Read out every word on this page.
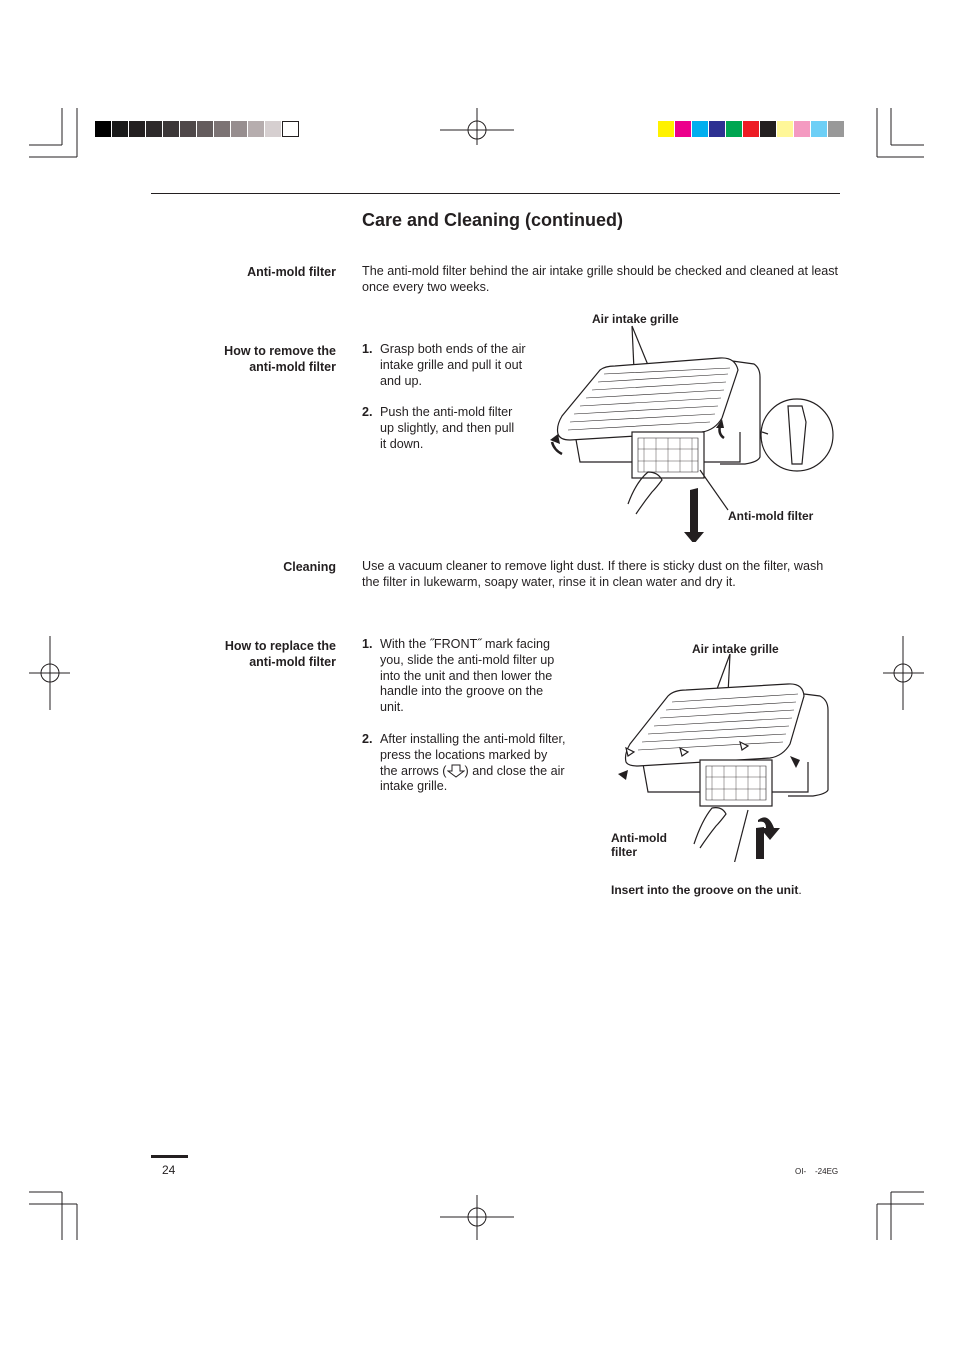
Care and Cleaning (continued)
Anti-mold filter The anti-mold filter behind the air intake grille should be checked and cleaned at least once every two weeks.
How to remove the anti-mold filter
1. Grasp both ends of the air intake grille and pull it out and up.
2. Push the anti-mold filter up slightly, and then pull it down.
Air intake grille
Anti-mold filter
Cleaning Use a vacuum cleaner to remove light dust. If there is sticky dust on the filter, wash the filter in lukewarm, soapy water, rinse it in clean water and dry it.
How to replace the anti-mold filter
1. With the ˝FRONT˝ mark facing you, slide the anti-mold filter up into the unit and then lower the handle into the groove on the unit.
2. After installing the anti-mold filter, press the locations marked by the arrows ( ) and close the air intake grille.
Air intake grille
Anti-mold filter
Insert into the groove on the unit.
24	OI-    -24EG
